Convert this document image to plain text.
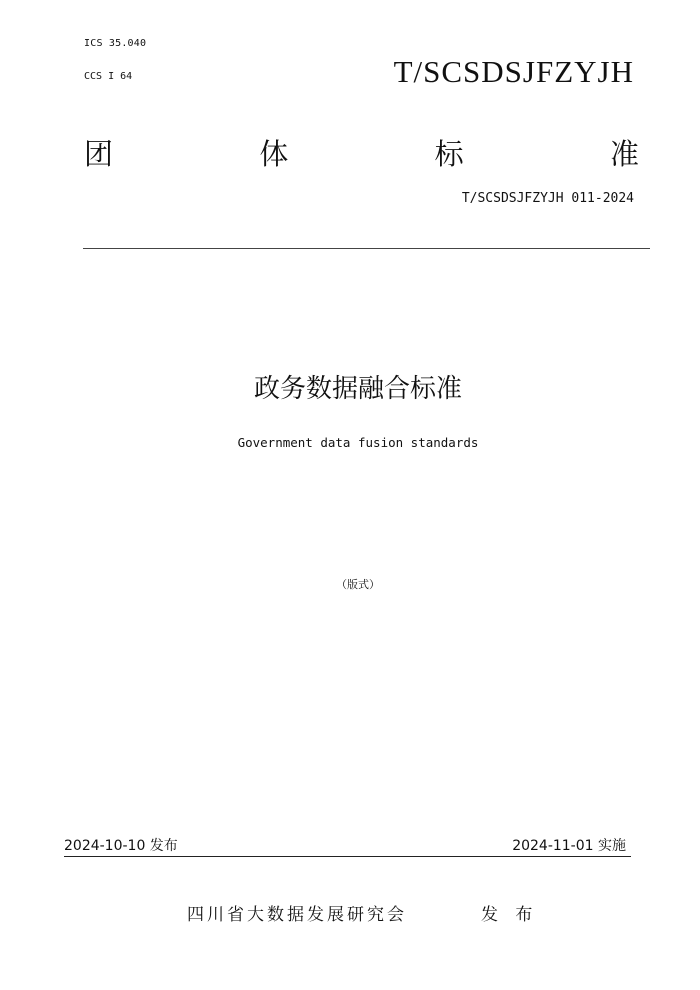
ICS 35.040
CCS I 64	T/SCSDSJFZYJH
团	体	标	准
T/SCSDSJFZYJH 011-2024
政务数据融合标准
Government data fusion standards
（版式）
2024-10-10 发布	2024-11-01 实施
四川省大数据发展研究会	发 布
